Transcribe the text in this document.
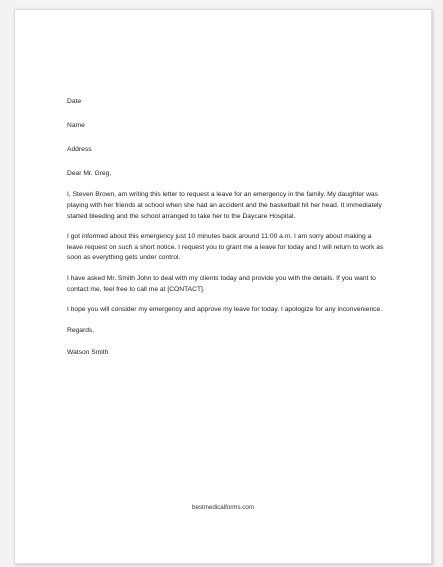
Date
Name
Address
Dear Mr. Greg,

I, Steven Brown, am writing this letter to request a leave for an emergency in the family. My daughter was playing with her friends at school when she had an accident and the basketball hit her head. It immediately started bleeding and the school arranged to take her to the Daycare Hospital.

I got informed about this emergency just 10 minutes back around 11:00 a.m. I am sorry about making a leave request on such a short notice. I request you to grant me a leave for today and I will return to work as soon as everything gets under control.

I have asked Mr. Smith John to deal with my clients today and provide you with the details. If you want to contact me, feel free to call me at [CONTACT].

I hope you will consider my emergency and approve my leave for today. I apologize for any inconvenience.

Regards,
Watson Smith
bestmedicalforms.com
